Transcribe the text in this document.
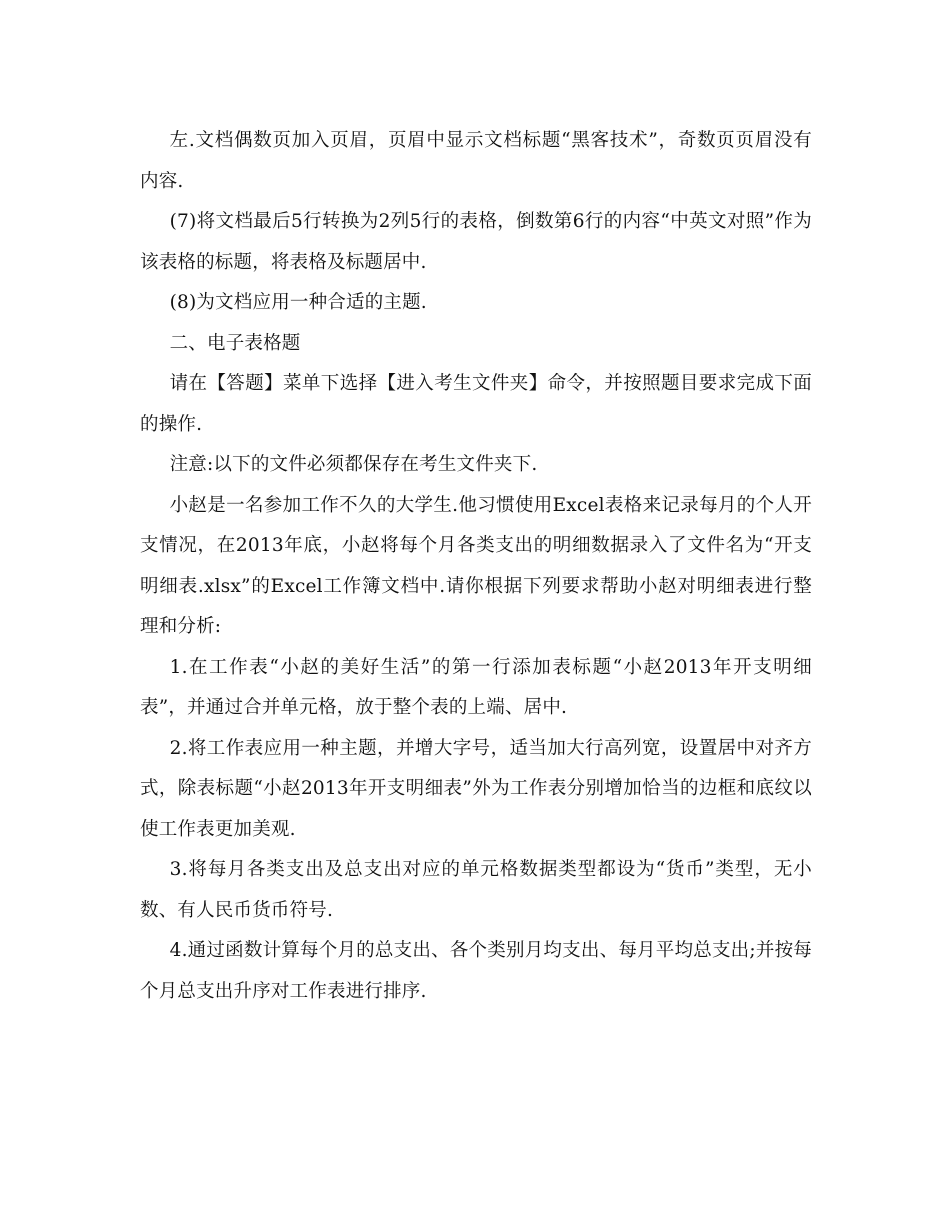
左.文档偶数页加入页眉，页眉中显示文档标题“黑客技术”，奇数页页眉没有内容.

(7)将文档最后5行转换为2列5行的表格，倒数第6行的内容“中英文对照”作为该表格的标题，将表格及标题居中.

(8)为文档应用一种合适的主题.

二、电子表格题

请在【答题】菜单下选择【进入考生文件夹】命令，并按照题目要求完成下面的操作.

注意:以下的文件必须都保存在考生文件夹下.

小赵是一名参加工作不久的大学生.他习惯使用Excel表格来记录每月的个人开支情况，在2013年底，小赵将每个月各类支出的明细数据录入了文件名为“开支明细表.xlsx”的Excel工作簿文档中.请你根据下列要求帮助小赵对明细表进行整理和分析:

1.在工作表“小赵的美好生活”的第一行添加表标题“小赵2013年开支明细表”，并通过合并单元格，放于整个表的上端、居中.

2.将工作表应用一种主题，并增大字号，适当加大行高列宽，设置居中对齐方式，除表标题“小赵2013年开支明细表”外为工作表分别增加恰当的边框和底纹以使工作表更加美观.

3.将每月各类支出及总支出对应的单元格数据类型都设为“货币”类型，无小数、有人民币货币符号.

4.通过函数计算每个月的总支出、各个类别月均支出、每月平均总支出;并按每个月总支出升序对工作表进行排序.
